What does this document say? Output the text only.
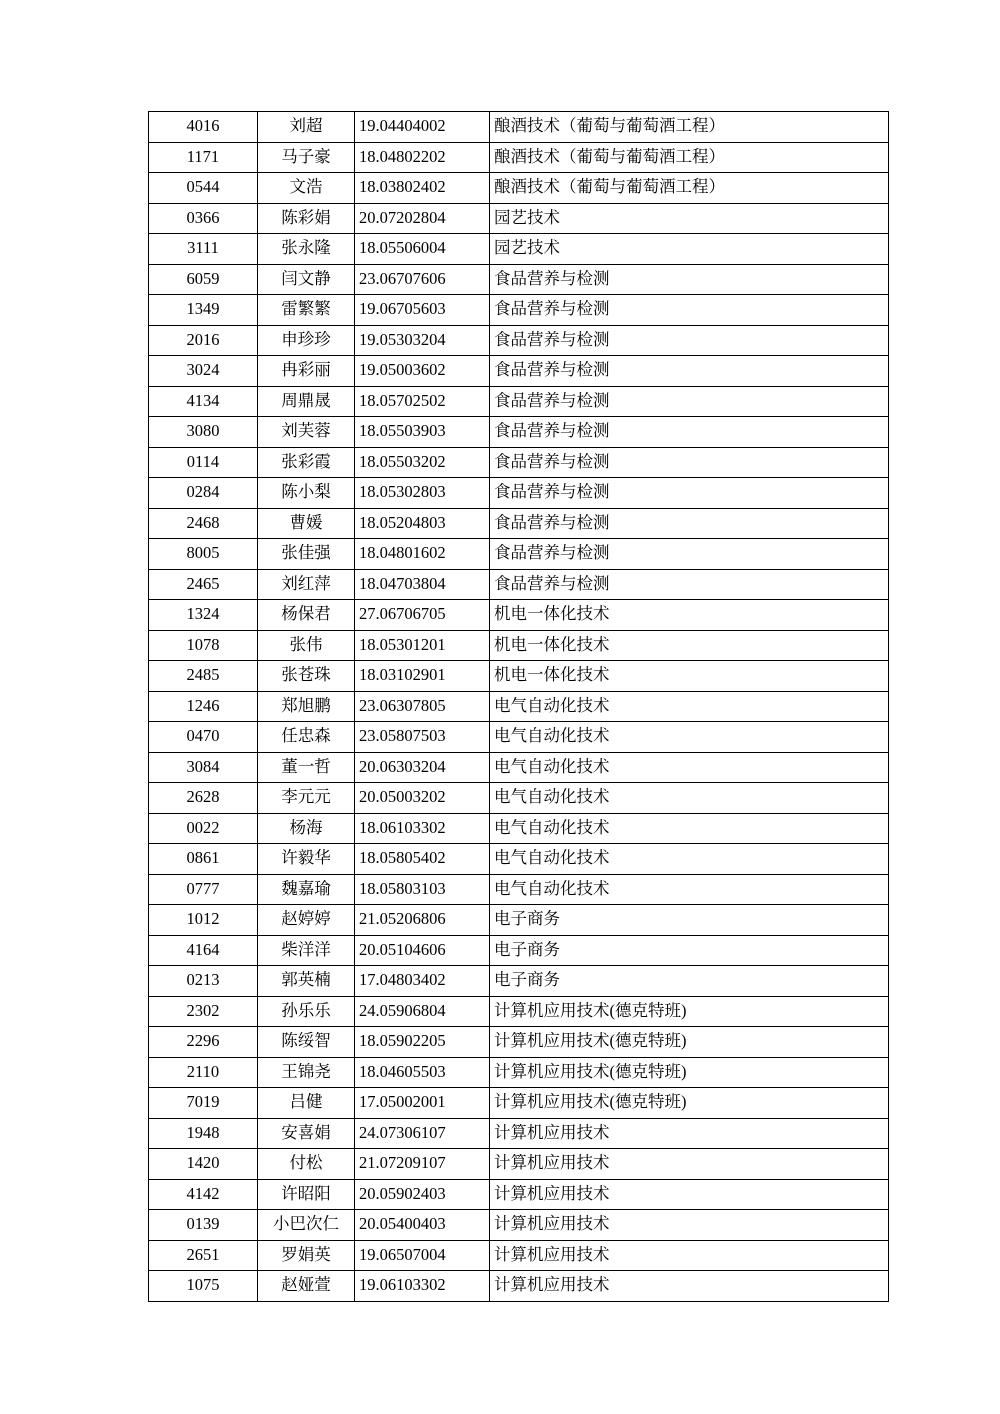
4016	刘超	19.04404002	酿酒技术（葡萄与葡萄酒工程）
1171	马子豪	18.04802202	酿酒技术（葡萄与葡萄酒工程）
0544	文浩	18.03802402	酿酒技术（葡萄与葡萄酒工程）
0366	陈彩娟	20.07202804	园艺技术
3111	张永隆	18.05506004	园艺技术
6059	闫文静	23.06707606	食品营养与检测
1349	雷繁繁	19.06705603	食品营养与检测
2016	申珍珍	19.05303204	食品营养与检测
3024	冉彩丽	19.05003602	食品营养与检测
4134	周鼎晟	18.05702502	食品营养与检测
3080	刘芙蓉	18.05503903	食品营养与检测
0114	张彩霞	18.05503202	食品营养与检测
0284	陈小梨	18.05302803	食品营养与检测
2468	曹媛	18.05204803	食品营养与检测
8005	张佳强	18.04801602	食品营养与检测
2465	刘红萍	18.04703804	食品营养与检测
1324	杨保君	27.06706705	机电一体化技术
1078	张伟	18.05301201	机电一体化技术
2485	张苍珠	18.03102901	机电一体化技术
1246	郑旭鹏	23.06307805	电气自动化技术
0470	任忠森	23.05807503	电气自动化技术
3084	董一哲	20.06303204	电气自动化技术
2628	李元元	20.05003202	电气自动化技术
0022	杨海	18.06103302	电气自动化技术
0861	许毅华	18.05805402	电气自动化技术
0777	魏嘉瑜	18.05803103	电气自动化技术
1012	赵婷婷	21.05206806	电子商务
4164	柴洋洋	20.05104606	电子商务
0213	郭英楠	17.04803402	电子商务
2302	孙乐乐	24.05906804	计算机应用技术(德克特班)
2296	陈绥智	18.05902205	计算机应用技术(德克特班)
2110	王锦尧	18.04605503	计算机应用技术(德克特班)
7019	吕健	17.05002001	计算机应用技术(德克特班)
1948	安喜娟	24.07306107	计算机应用技术
1420	付松	21.07209107	计算机应用技术
4142	许昭阳	20.05902403	计算机应用技术
0139	小巴次仁	20.05400403	计算机应用技术
2651	罗娟英	19.06507004	计算机应用技术
1075	赵娅萱	19.06103302	计算机应用技术
